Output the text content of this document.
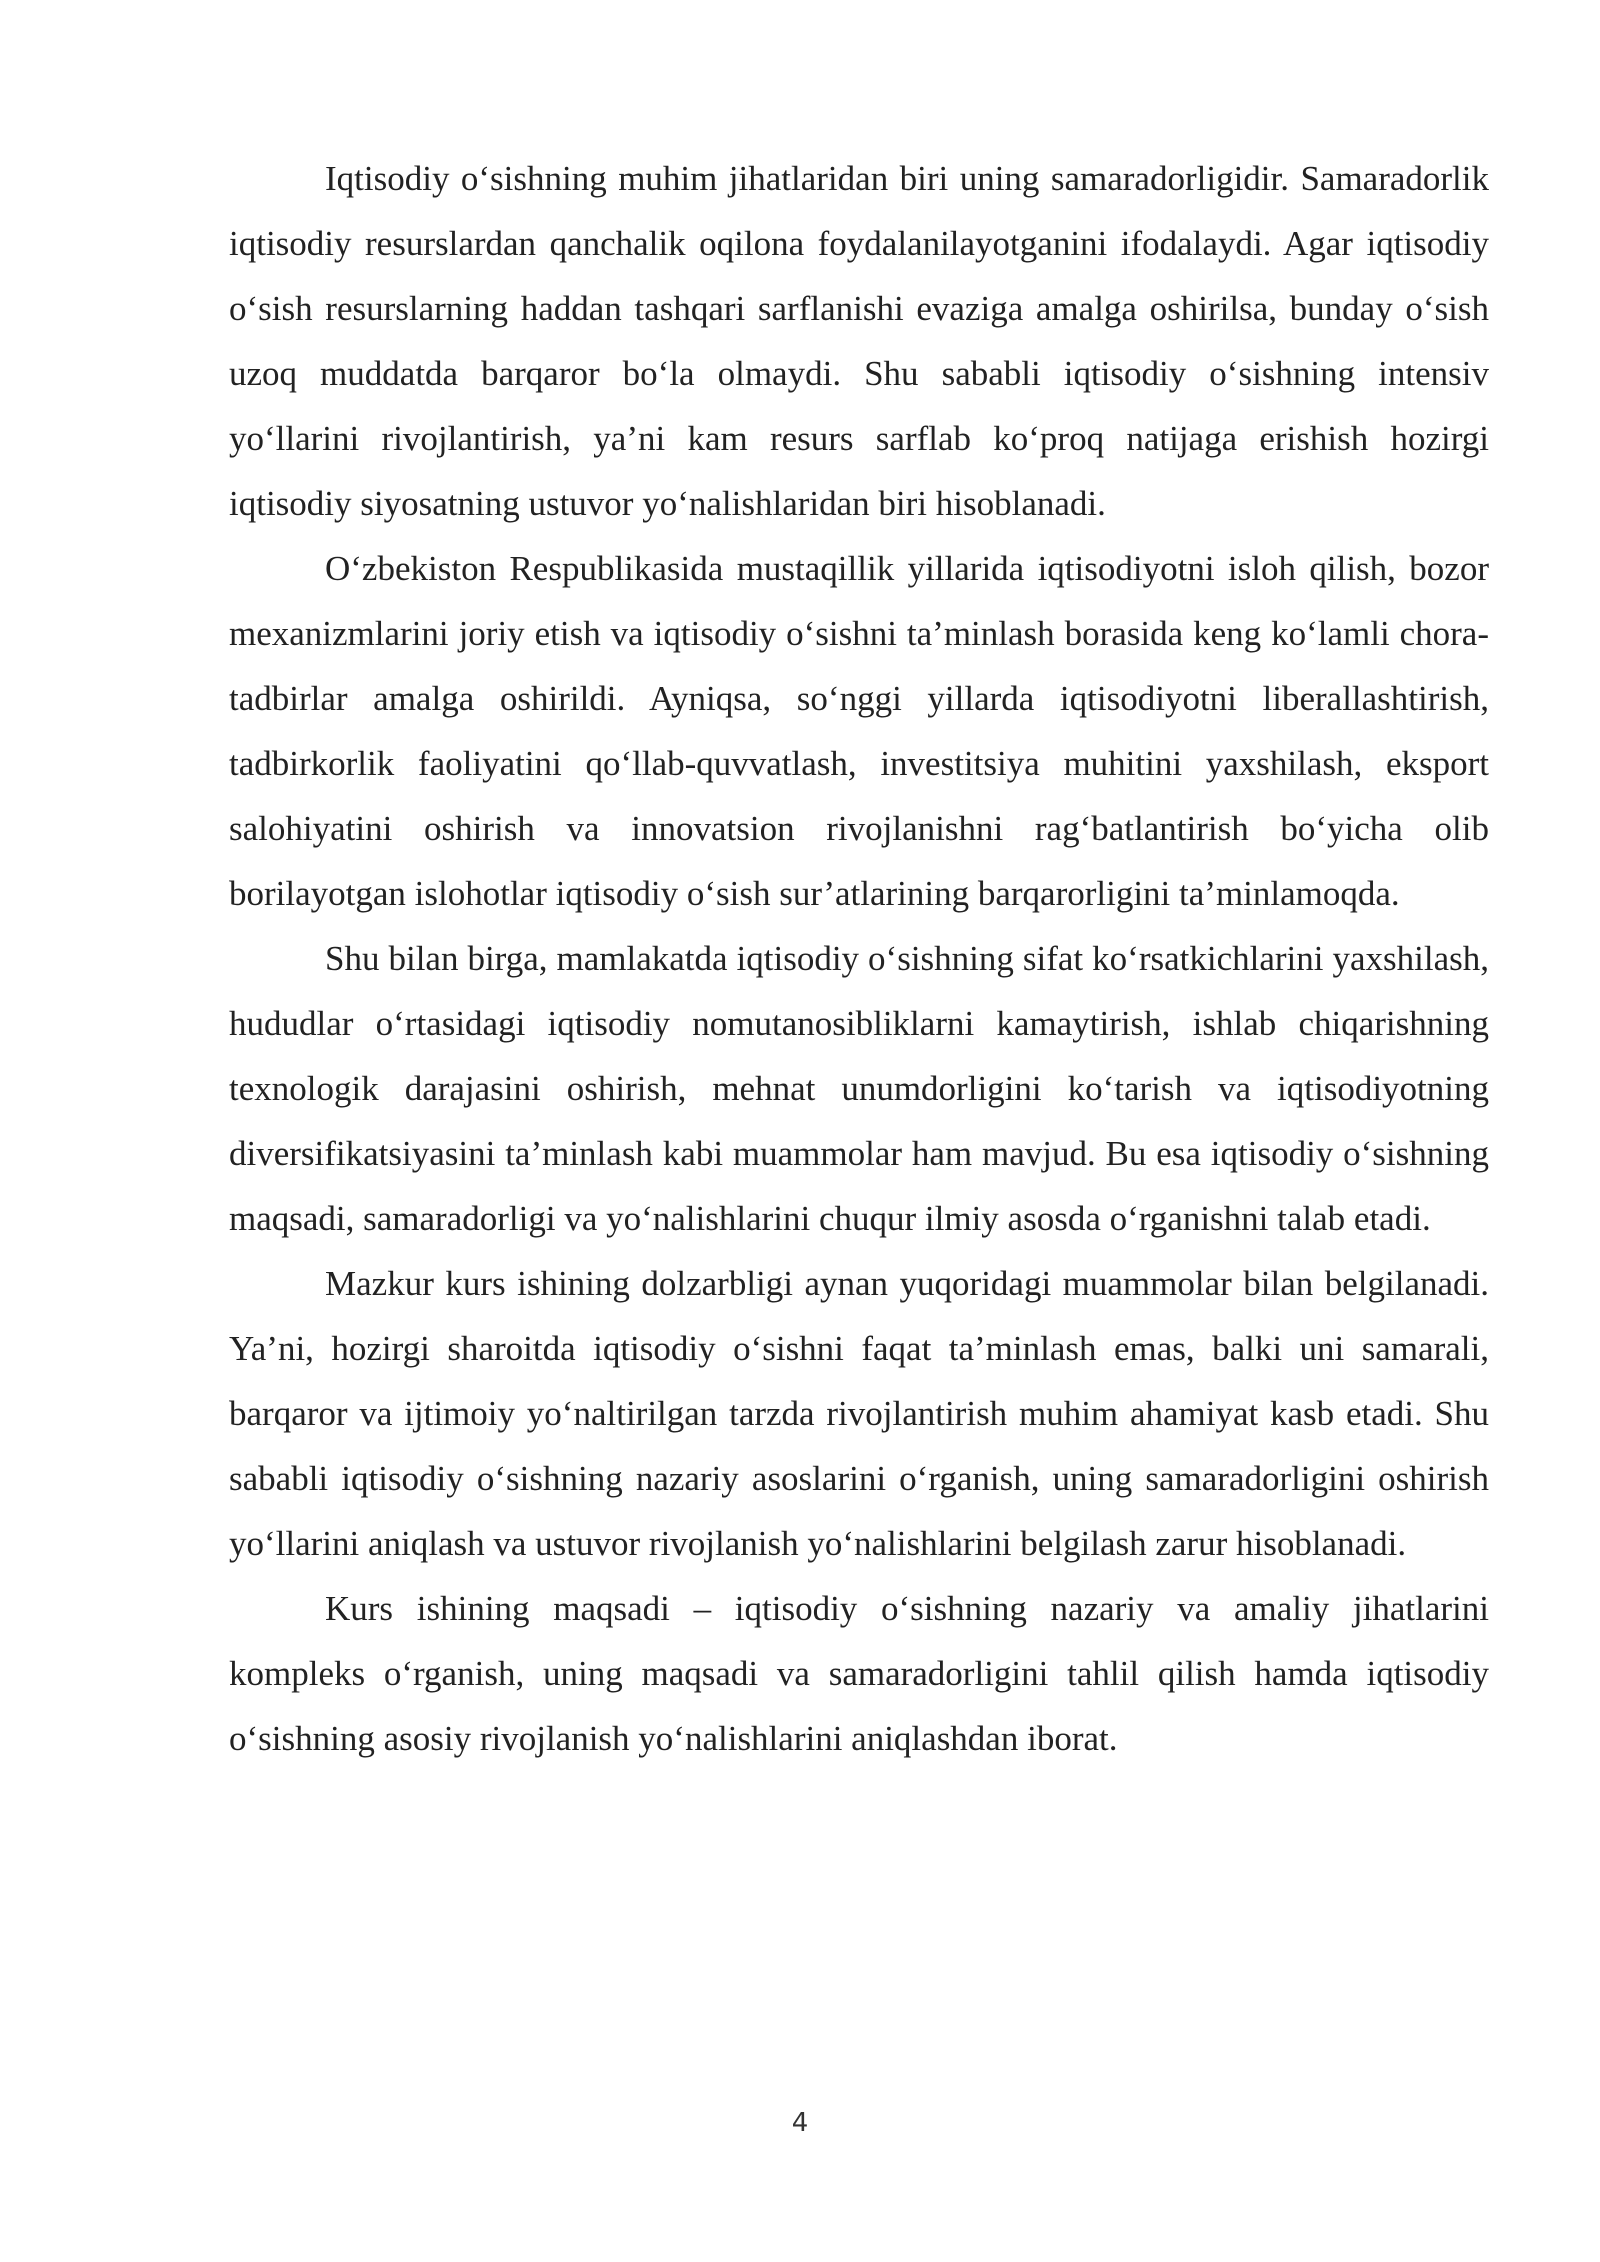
Iqtisodiy o‘sishning muhim jihatlaridan biri uning samaradorligidir. Samaradorlik iqtisodiy resurslardan qanchalik oqilona foydalanilayotganini ifodalaydi. Agar iqtisodiy o‘sish resurslarning haddan tashqari sarflanishi evaziga amalga oshirilsa, bunday o‘sish uzoq muddatda barqaror bo‘la olmaydi. Shu sababli iqtisodiy o‘sishning intensiv yo‘llarini rivojlantirish, ya’ni kam resurs sarflab ko‘proq natijaga erishish hozirgi iqtisodiy siyosatning ustuvor yo‘nalishlaridan biri hisoblanadi.

O‘zbekiston Respublikasida mustaqillik yillarida iqtisodiyotni isloh qilish, bozor mexanizmlarini joriy etish va iqtisodiy o‘sishni ta’minlash borasida keng ko‘lamli chora-tadbirlar amalga oshirildi. Ayniqsa, so‘nggi yillarda iqtisodiyotni liberallashtirish, tadbirkorlik faoliyatini qo‘llab-quvvatlash, investitsiya muhitini yaxshilash, eksport salohiyatini oshirish va innovatsion rivojlanishni rag‘batlantirish bo‘yicha olib borilayotgan islohotlar iqtisodiy o‘sish sur’atlarining barqarorligini ta’minlamoqda.

Shu bilan birga, mamlakatda iqtisodiy o‘sishning sifat ko‘rsatkichlarini yaxshilash, hududlar o‘rtasidagi iqtisodiy nomutanosibliklarni kamaytirish, ishlab chiqarishning texnologik darajasini oshirish, mehnat unumdorligini ko‘tarish va iqtisodiyotning diversifikatsiyasini ta’minlash kabi muammolar ham mavjud. Bu esa iqtisodiy o‘sishning maqsadi, samaradorligi va yo‘nalishlarini chuqur ilmiy asosda o‘rganishni talab etadi.

Mazkur kurs ishining dolzarbligi aynan yuqoridagi muammolar bilan belgilanadi. Ya’ni, hozirgi sharoitda iqtisodiy o‘sishni faqat ta’minlash emas, balki uni samarali, barqaror va ijtimoiy yo‘naltirilgan tarzda rivojlantirish muhim ahamiyat kasb etadi. Shu sababli iqtisodiy o‘sishning nazariy asoslarini o‘rganish, uning samaradorligini oshirish yo‘llarini aniqlash va ustuvor rivojlanish yo‘nalishlarini belgilash zarur hisoblanadi.

Kurs ishining maqsadi – iqtisodiy o‘sishning nazariy va amaliy jihatlarini kompleks o‘rganish, uning maqsadi va samaradorligini tahlil qilish hamda iqtisodiy o‘sishning asosiy rivojlanish yo‘nalishlarini aniqlashdan iborat.

4
